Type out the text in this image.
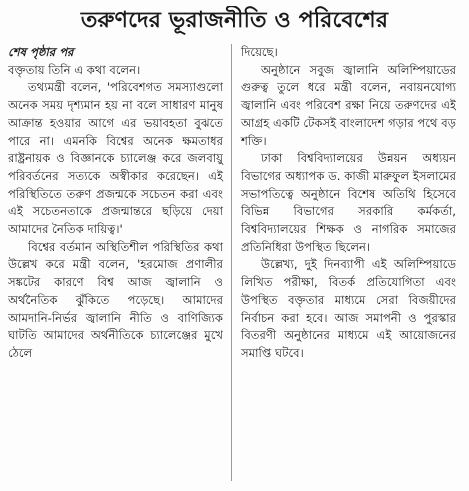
তরুণদের ভূরাজনীতি ও পরিবেশের
শেষ পৃষ্ঠার পর

বক্তৃতায় তিনি এ কথা বলেন।

তথ্যমন্ত্রী বলেন, 'পরিবেশগত সমস্যাগুলো অনেক সময় দৃশ্যমান হয় না বলে সাধারণ মানুষ আক্রান্ত হওয়ার আগে এর ভয়াবহতা বুঝতে পারে না। এমনকি বিশ্বের অনেক ক্ষমতাধর রাষ্ট্রনায়ক ও বিজ্ঞানকে চ্যালেঞ্জ করে জলবায়ু পরিবর্তনের সত্যকে অস্বীকার করেছেন। এই পরিস্থিতিতে তরুণ প্রজন্মকে সচেতন করা এবং এই সচেতনতাকে প্রজন্মান্তরে ছড়িয়ে দেয়া আমাদের নৈতিক দায়িত্ব।'

বিশ্বের বর্তমান অস্থিতিশীল পরিস্থিতির কথা উল্লেখ করে মন্ত্রী বলেন, 'হরমোজ প্রণালীর সঙ্কটের কারণে বিশ্ব আজ জ্বালানি ও অর্থনৈতিক ঝুঁকিতে পড়েছে। আমাদের আমদানি-নির্ভর জ্বালানি নীতি ও বাণিজ্যিক ঘাটতি আমাদের অর্থনীতিকে চ্যালেঞ্জের মুখে ঠেলে

দিয়েছে।

অনুষ্ঠানে সবুজ জ্বালানি অলিম্পিয়াডের গুরুত্ব তুলে ধরে মন্ত্রী বলেন, নবায়নযোগ্য জ্বালানি এবং পরিবেশ রক্ষা নিয়ে তরুণদের এই আগ্রহ একটি টেকসই বাংলাদেশ গড়ার পথে বড় শক্তি।

ঢাকা বিশ্ববিদ্যালয়ের উন্নয়ন অধ্যয়ন বিভাগের অধ্যাপক ড. কাজী মারুফুল ইসলামের সভাপতিত্বে অনুষ্ঠানে বিশেষ অতিথি হিসেবে বিভিন্ন বিভাগের সরকারি কর্মকর্তা, বিশ্ববিদ্যালয়ের শিক্ষক ও নাগরিক সমাজের প্রতিনিধিরা উপস্থিত ছিলেন।

উল্লেখ্য, দুই দিনব্যাপী এই অলিম্পিয়াডে লিখিত পরীক্ষা, বিতর্ক প্রতিযোগিতা এবং উপস্থিত বক্তৃতার মাধ্যমে সেরা বিজয়ীদের নির্বাচন করা হবে। আজ সমাপনী ও পুরস্কার বিতরণী অনুষ্ঠানের মাধ্যমে এই আয়োজনের সমাপ্তি ঘটবে।
